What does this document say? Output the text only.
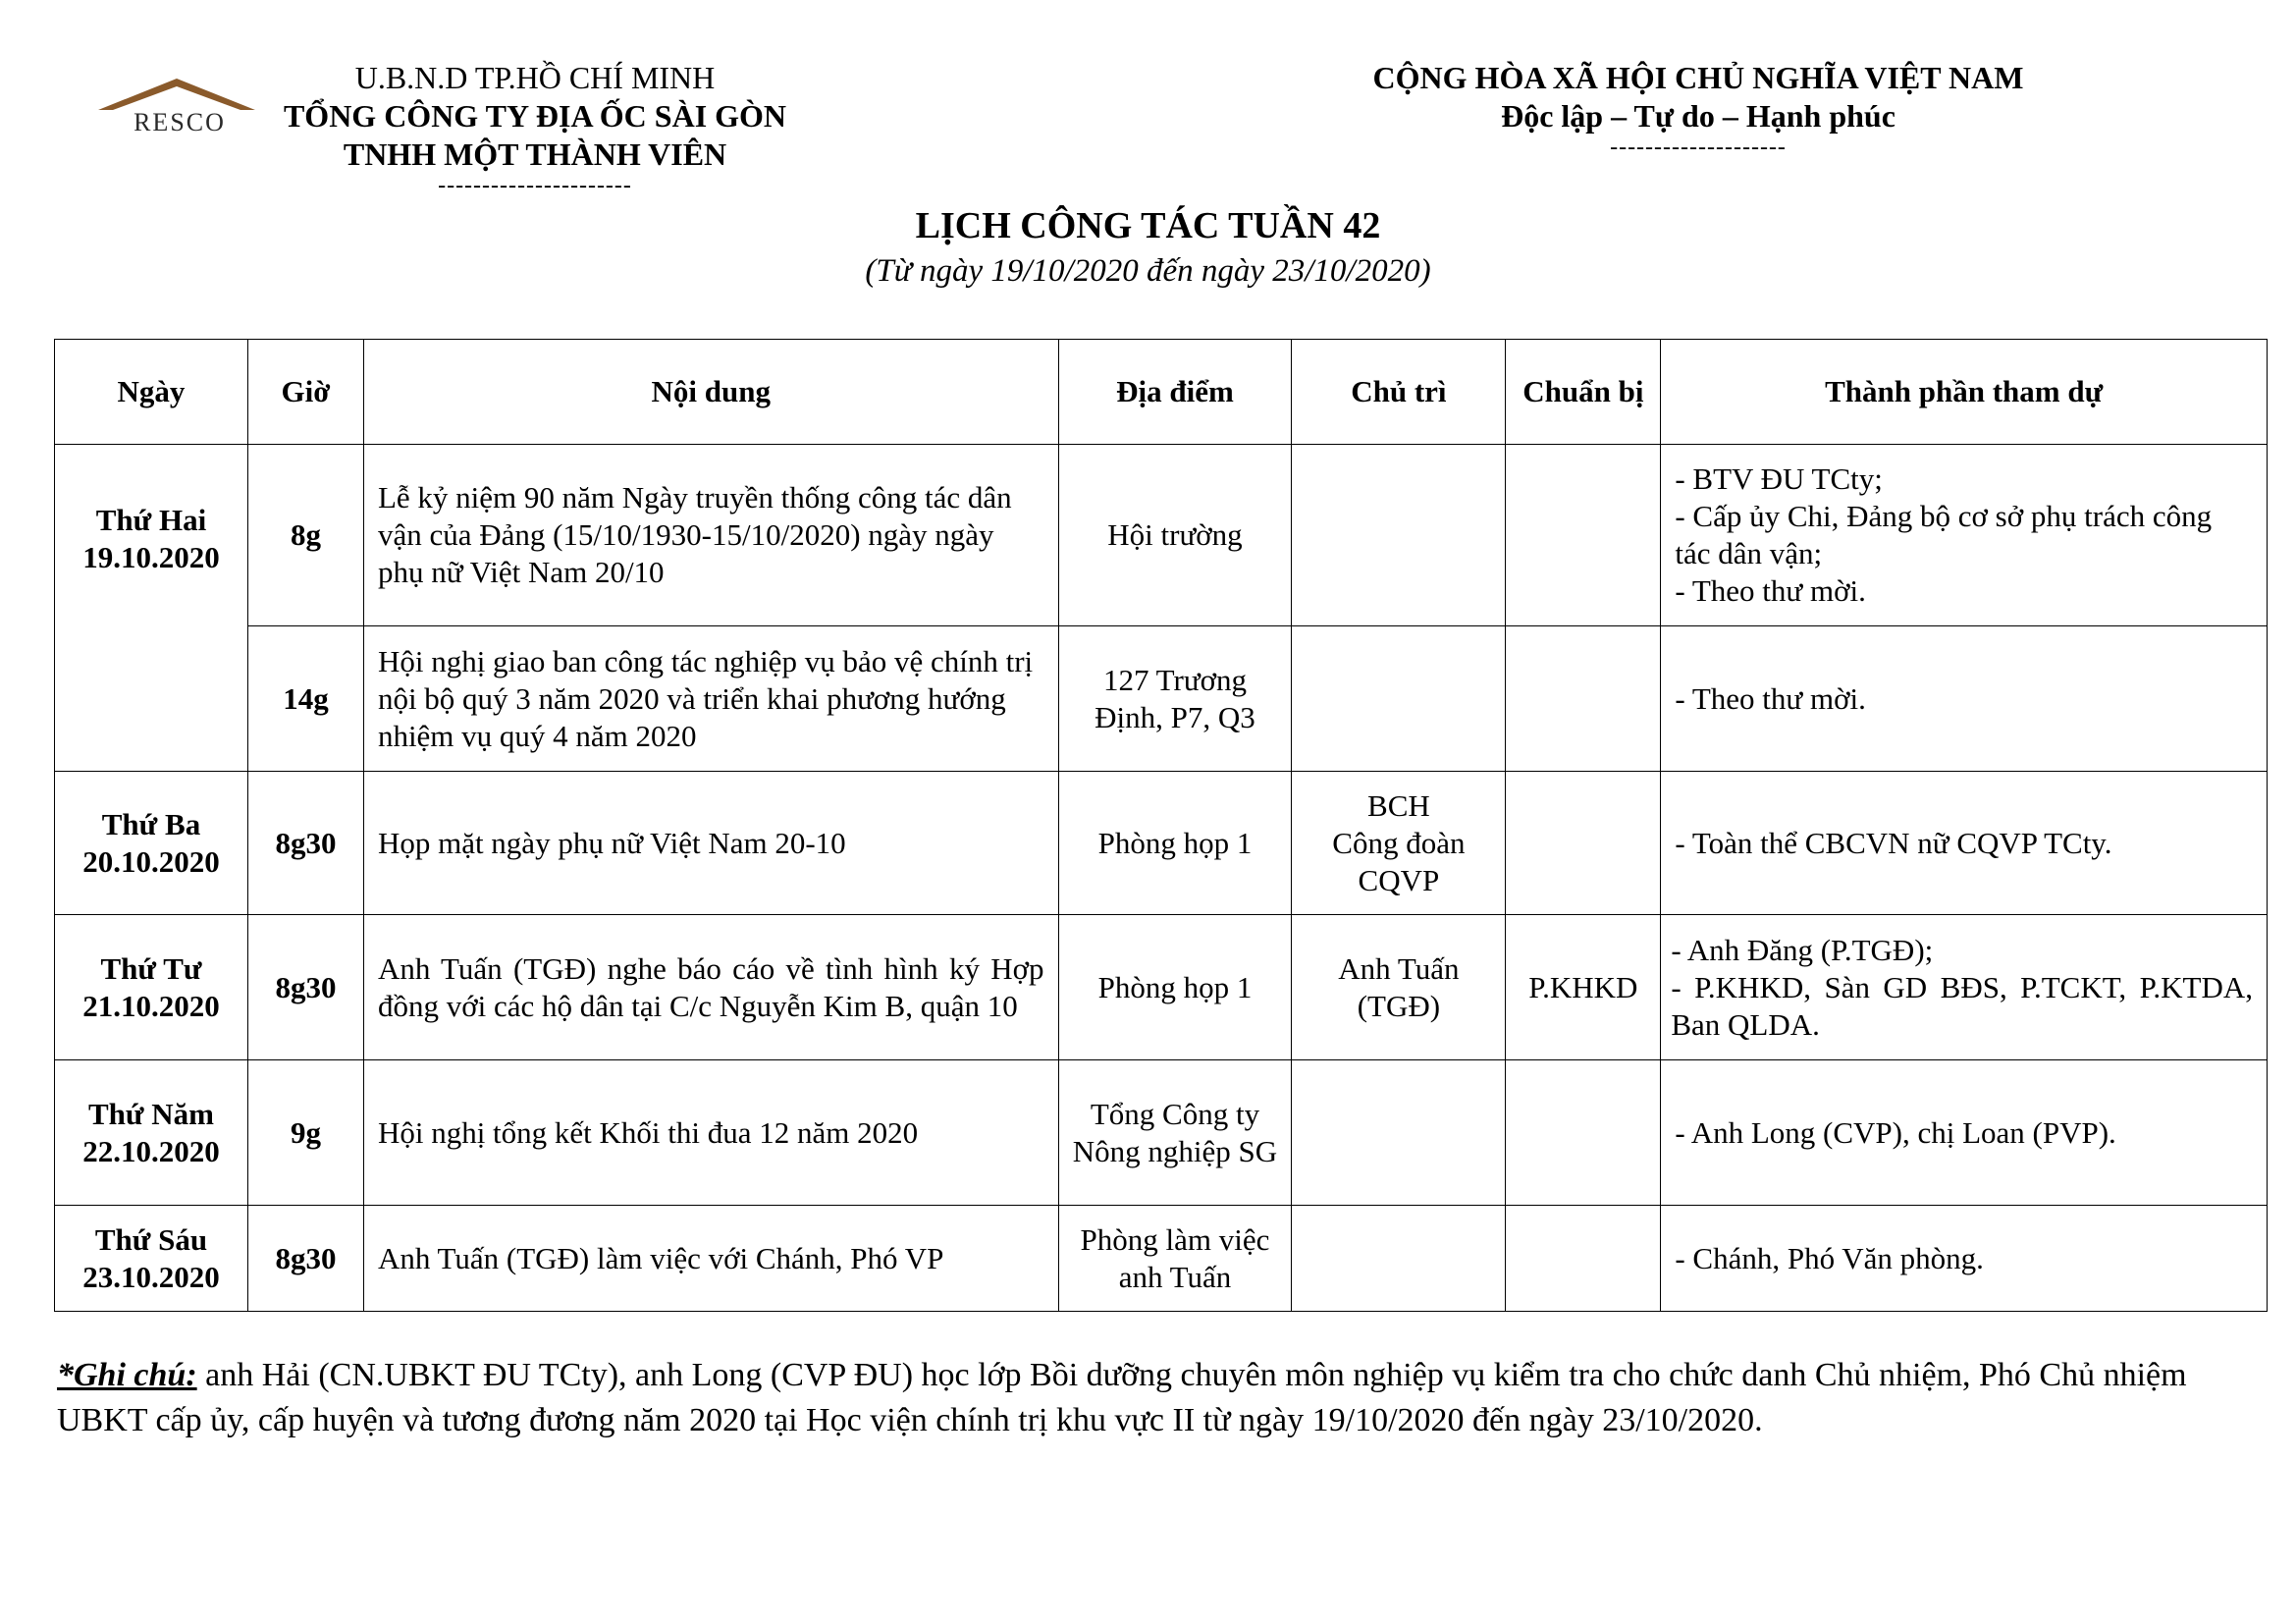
RESCO
U.B.N.D TP.HỒ CHÍ MINH
TỔNG CÔNG TY ĐỊA ỐC SÀI GÒN
TNHH MỘT THÀNH VIÊN
----------------------
CỘNG HÒA XÃ HỘI CHỦ NGHĨA VIỆT NAM
Độc lập – Tự do – Hạnh phúc
--------------------
LỊCH CÔNG TÁC TUẦN 42
(Từ ngày 19/10/2020 đến ngày 23/10/2020)
Ngày	Giờ	Nội dung	Địa điểm	Chủ trì	Chuẩn bị	Thành phần tham dự
Thứ Hai
19.10.2020	8g	Lễ kỷ niệm 90 năm Ngày truyền thống công tác dân vận của Đảng (15/10/1930-15/10/2020) ngày ngày phụ nữ Việt Nam 20/10	Hội trường			- BTV ĐU TCty;
- Cấp ủy Chi, Đảng bộ cơ sở phụ trách công tác dân vận;
- Theo thư mời.
	14g	Hội nghị giao ban công tác nghiệp vụ bảo vệ chính trị nội bộ quý 3 năm 2020 và triển khai phương hướng nhiệm vụ quý 4 năm 2020	127 Trương Định, P7, Q3			- Theo thư mời.
Thứ Ba
20.10.2020	8g30	Họp mặt ngày phụ nữ Việt Nam 20-10	Phòng họp 1	BCH
Công đoàn CQVP		- Toàn thể CBCVN nữ CQVP TCty.
Thứ Tư
21.10.2020	8g30	Anh Tuấn (TGĐ) nghe báo cáo về tình hình ký Hợp đồng với các hộ dân tại C/c Nguyễn Kim B, quận 10	Phòng họp 1	Anh Tuấn (TGĐ)	P.KHKD	- Anh Đăng (P.TGĐ);
- P.KHKD, Sàn GD BĐS, P.TCKT, P.KTDA, Ban QLDA.
Thứ Năm
22.10.2020	9g	Hội nghị tổng kết Khối thi đua 12 năm 2020	Tổng Công ty Nông nghiệp SG			- Anh Long (CVP), chị Loan (PVP).
Thứ Sáu
23.10.2020	8g30	Anh Tuấn (TGĐ) làm việc với Chánh, Phó VP	Phòng làm việc anh Tuấn			- Chánh, Phó Văn phòng.
*Ghi chú: anh Hải (CN.UBKT ĐU TCty), anh Long (CVP ĐU) học lớp Bồi dưỡng chuyên môn nghiệp vụ kiểm tra cho chức danh Chủ nhiệm, Phó Chủ nhiệm UBKT cấp ủy, cấp huyện và tương đương năm 2020 tại Học viện chính trị khu vực II từ ngày 19/10/2020 đến ngày 23/10/2020.
